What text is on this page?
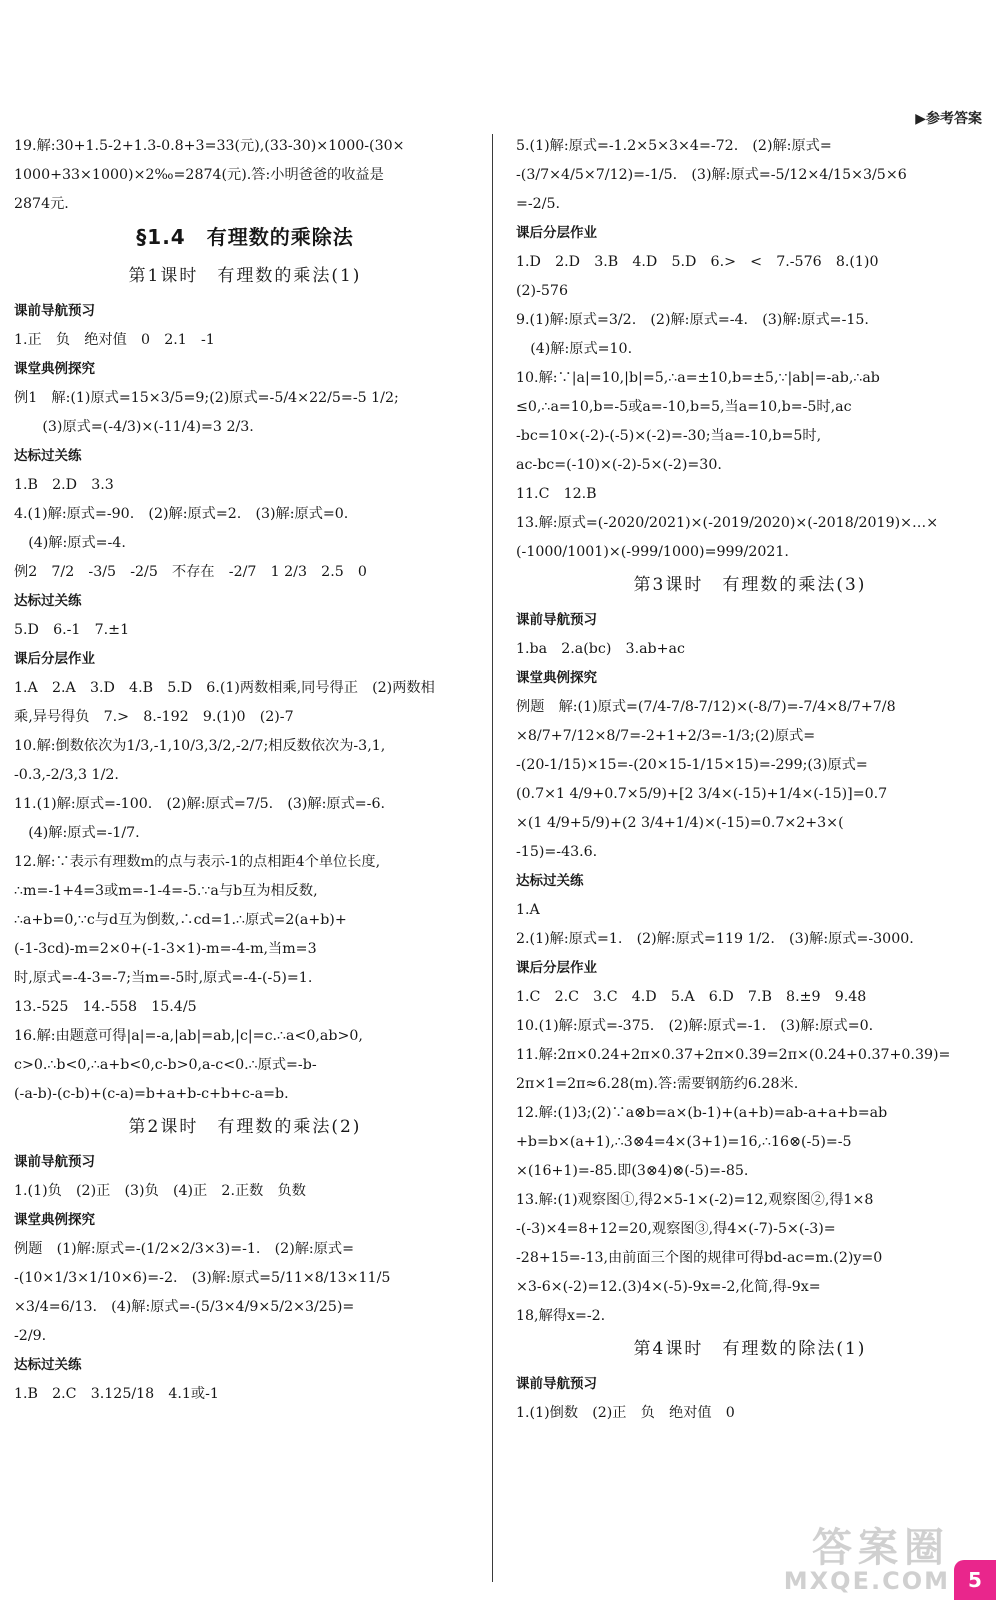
▶参考答案
19.解:30+1.5-2+1.3-0.8+3=33(元),(33-30)×1000-(30×
1000+33×1000)×2‰=2874(元).答:小明爸爸的收益是
2874元.
§1.4　有理数的乘除法
第1课时　有理数的乘法(1)
课前导航预习
1.正　负　绝对值　0　2.1　-1
课堂典例探究
例1　解:(1)原式=15×3/5=9;(2)原式=-5/4×22/5=-5 1/2;
　　(3)原式=(-4/3)×(-11/4)=3 2/3.
达标过关练
1.B　2.D　3.3
4.(1)解:原式=-90.　(2)解:原式=2.　(3)解:原式=0.
　(4)解:原式=-4.
例2　7/2　-3/5　-2/5　不存在　-2/7　1 2/3　2.5　0
达标过关练
5.D　6.-1　7.±1
课后分层作业
1.A　2.A　3.D　4.B　5.D　6.(1)两数相乘,同号得正　(2)两数相
乘,异号得负　7.>　8.-192　9.(1)0　(2)-7
10.解:倒数依次为1/3,-1,10/3,3/2,-2/7;相反数依次为-3,1,
-0.3,-2/3,3 1/2.
11.(1)解:原式=-100.　(2)解:原式=7/5.　(3)解:原式=-6.
　(4)解:原式=-1/7.
12.解:∵表示有理数m的点与表示-1的点相距4个单位长度,
∴m=-1+4=3或m=-1-4=-5.∵a与b互为相反数,
∴a+b=0,∵c与d互为倒数,∴cd=1.∴原式=2(a+b)+
(-1-3cd)-m=2×0+(-1-3×1)-m=-4-m,当m=3
时,原式=-4-3=-7;当m=-5时,原式=-4-(-5)=1.
13.-525　14.-558　15.4/5
16.解:由题意可得|a|=-a,|ab|=ab,|c|=c.∴a<0,ab>0,
c>0.∴b<0,∴a+b<0,c-b>0,a-c<0.∴原式=-b-
(-a-b)-(c-b)+(c-a)=b+a+b-c+b+c-a=b.
第2课时　有理数的乘法(2)
课前导航预习
1.(1)负　(2)正　(3)负　(4)正　2.正数　负数
课堂典例探究
例题　(1)解:原式=-(1/2×2/3×3)=-1.　(2)解:原式=
-(10×1/3×1/10×6)=-2.　(3)解:原式=5/11×8/13×11/5
×3/4=6/13.　(4)解:原式=-(5/3×4/9×5/2×3/25)=
-2/9.
达标过关练
1.B　2.C　3.125/18　4.1或-1
5.(1)解:原式=-1.2×5×3×4=-72.　(2)解:原式=
-(3/7×4/5×7/12)=-1/5.　(3)解:原式=-5/12×4/15×3/5×6
=-2/5.
课后分层作业
1.D　2.D　3.B　4.D　5.D　6.>　<　7.-576　8.(1)0
(2)-576
9.(1)解:原式=3/2.　(2)解:原式=-4.　(3)解:原式=-15.
　(4)解:原式=10.
10.解:∵|a|=10,|b|=5,∴a=±10,b=±5,∵|ab|=-ab,∴ab
≤0,∴a=10,b=-5或a=-10,b=5,当a=10,b=-5时,ac
-bc=10×(-2)-(-5)×(-2)=-30;当a=-10,b=5时,
ac-bc=(-10)×(-2)-5×(-2)=30.
11.C　12.B
13.解:原式=(-2020/2021)×(-2019/2020)×(-2018/2019)×…×
(-1000/1001)×(-999/1000)=999/2021.
第3课时　有理数的乘法(3)
课前导航预习
1.ba　2.a(bc)　3.ab+ac
课堂典例探究
例题　解:(1)原式=(7/4-7/8-7/12)×(-8/7)=-7/4×8/7+7/8
×8/7+7/12×8/7=-2+1+2/3=-1/3;(2)原式=
-(20-1/15)×15=-(20×15-1/15×15)=-299;(3)原式=
(0.7×1 4/9+0.7×5/9)+[2 3/4×(-15)+1/4×(-15)]=0.7
×(1 4/9+5/9)+(2 3/4+1/4)×(-15)=0.7×2+3×(
-15)=-43.6.
达标过关练
1.A
2.(1)解:原式=1.　(2)解:原式=119 1/2.　(3)解:原式=-3000.
课后分层作业
1.C　2.C　3.C　4.D　5.A　6.D　7.B　8.±9　9.48
10.(1)解:原式=-375.　(2)解:原式=-1.　(3)解:原式=0.
11.解:2π×0.24+2π×0.37+2π×0.39=2π×(0.24+0.37+0.39)=
2π×1=2π≈6.28(m).答:需要钢筋约6.28米.
12.解:(1)3;(2)∵a⊗b=a×(b-1)+(a+b)=ab-a+a+b=ab
+b=b×(a+1),∴3⊗4=4×(3+1)=16,∴16⊗(-5)=-5
×(16+1)=-85.即(3⊗4)⊗(-5)=-85.
13.解:(1)观察图①,得2×5-1×(-2)=12,观察图②,得1×8
-(-3)×4=8+12=20,观察图③,得4×(-7)-5×(-3)=
-28+15=-13,由前面三个图的规律可得bd-ac=m.(2)y=0
×3-6×(-2)=12.(3)4×(-5)-9x=-2,化简,得-9x=
18,解得x=-2.
第4课时　有理数的除法(1)
课前导航预习
1.(1)倒数　(2)正　负　绝对值　0
答案圈
MXQE.COM 5
